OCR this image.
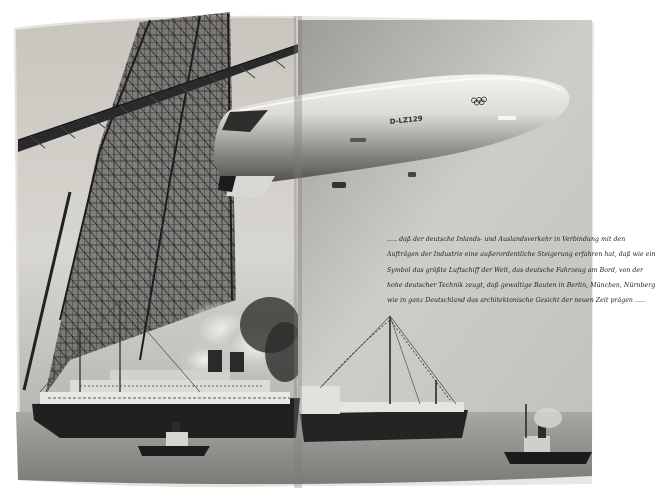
D-LZ129
..... daß der deutsche Inlands- und Auslandsverkehr in Verbindung mit den
Aufträgen der Industrie eine außerordentliche Steigerung erfahren hat, daß wie ein
Symbol das größte Luftschiff der Welt, das deutsche Fahrzeug am Bord, von der
hohe deutscher Technik zeugt, daß gewaltige Bauten in Berlin, München, Nürnberg
wie in ganz Deutschland das architektonische Gesicht der neuen Zeit prägen .....
